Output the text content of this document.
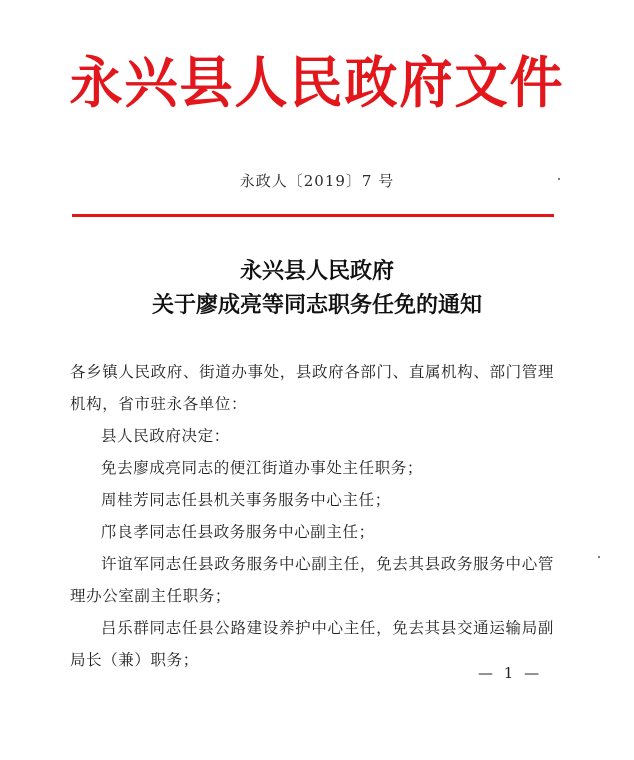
永兴县人民政府文件
永政人〔2019〕7 号
永兴县人民政府
关于廖成亮等同志职务任免的通知

各乡镇人民政府、街道办事处，县政府各部门、直属机构、部门管理机构，省市驻永各单位：

县人民政府决定：

免去廖成亮同志的便江街道办事处主任职务；

周桂芳同志任县机关事务服务中心主任；

邝良孝同志任县政务服务中心副主任；

许谊军同志任县政务服务中心副主任，免去其县政务服务中心管理办公室副主任职务；

吕乐群同志任县公路建设养护中心主任，免去其县交通运输局副局长（兼）职务；

— 1 —
